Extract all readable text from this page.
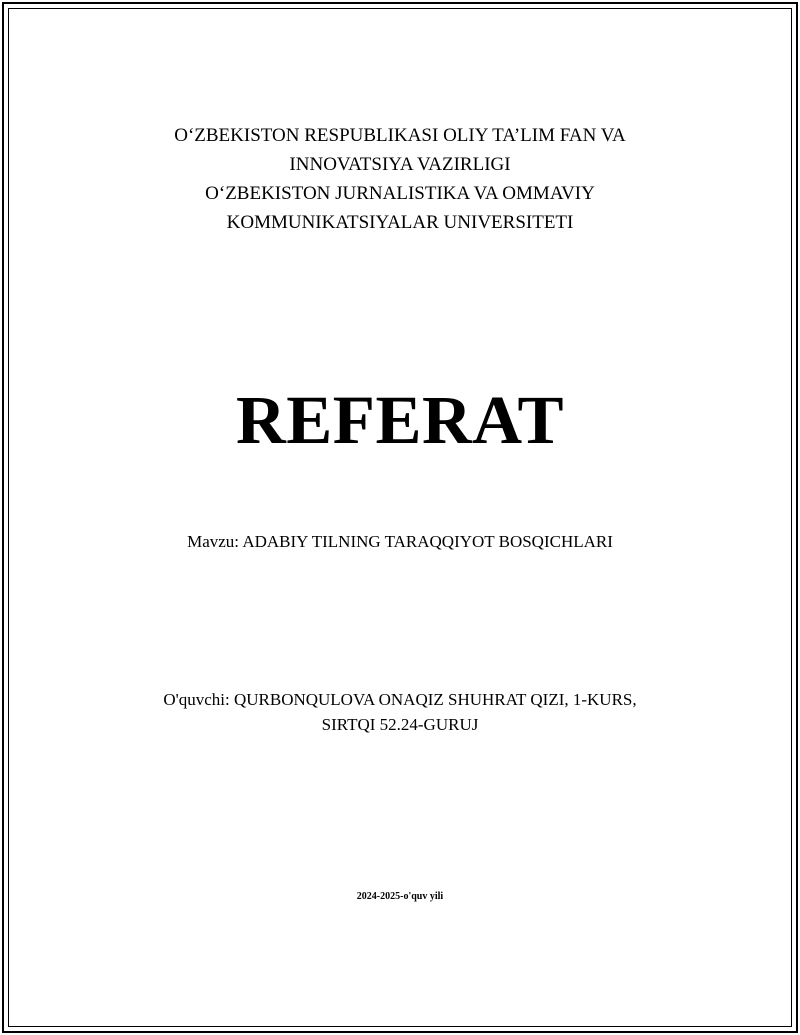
O‘ZBEKISTON RESPUBLIKASI OLIY TA’LIM FAN VA
INNOVATSIYA VAZIRLIGI
O‘ZBEKISTON JURNALISTIKA VA OMMAVIY
KOMMUNIKATSIYALAR UNIVERSITETI
REFERAT
Mavzu: ADABIY TILNING TARAQQIYOT BOSQICHLARI
O'quvchi: QURBONQULOVA ONAQIZ SHUHRAT QIZI, 1-KURS,
SIRTQI 52.24-GURUJ
2024-2025-o'quv yili
